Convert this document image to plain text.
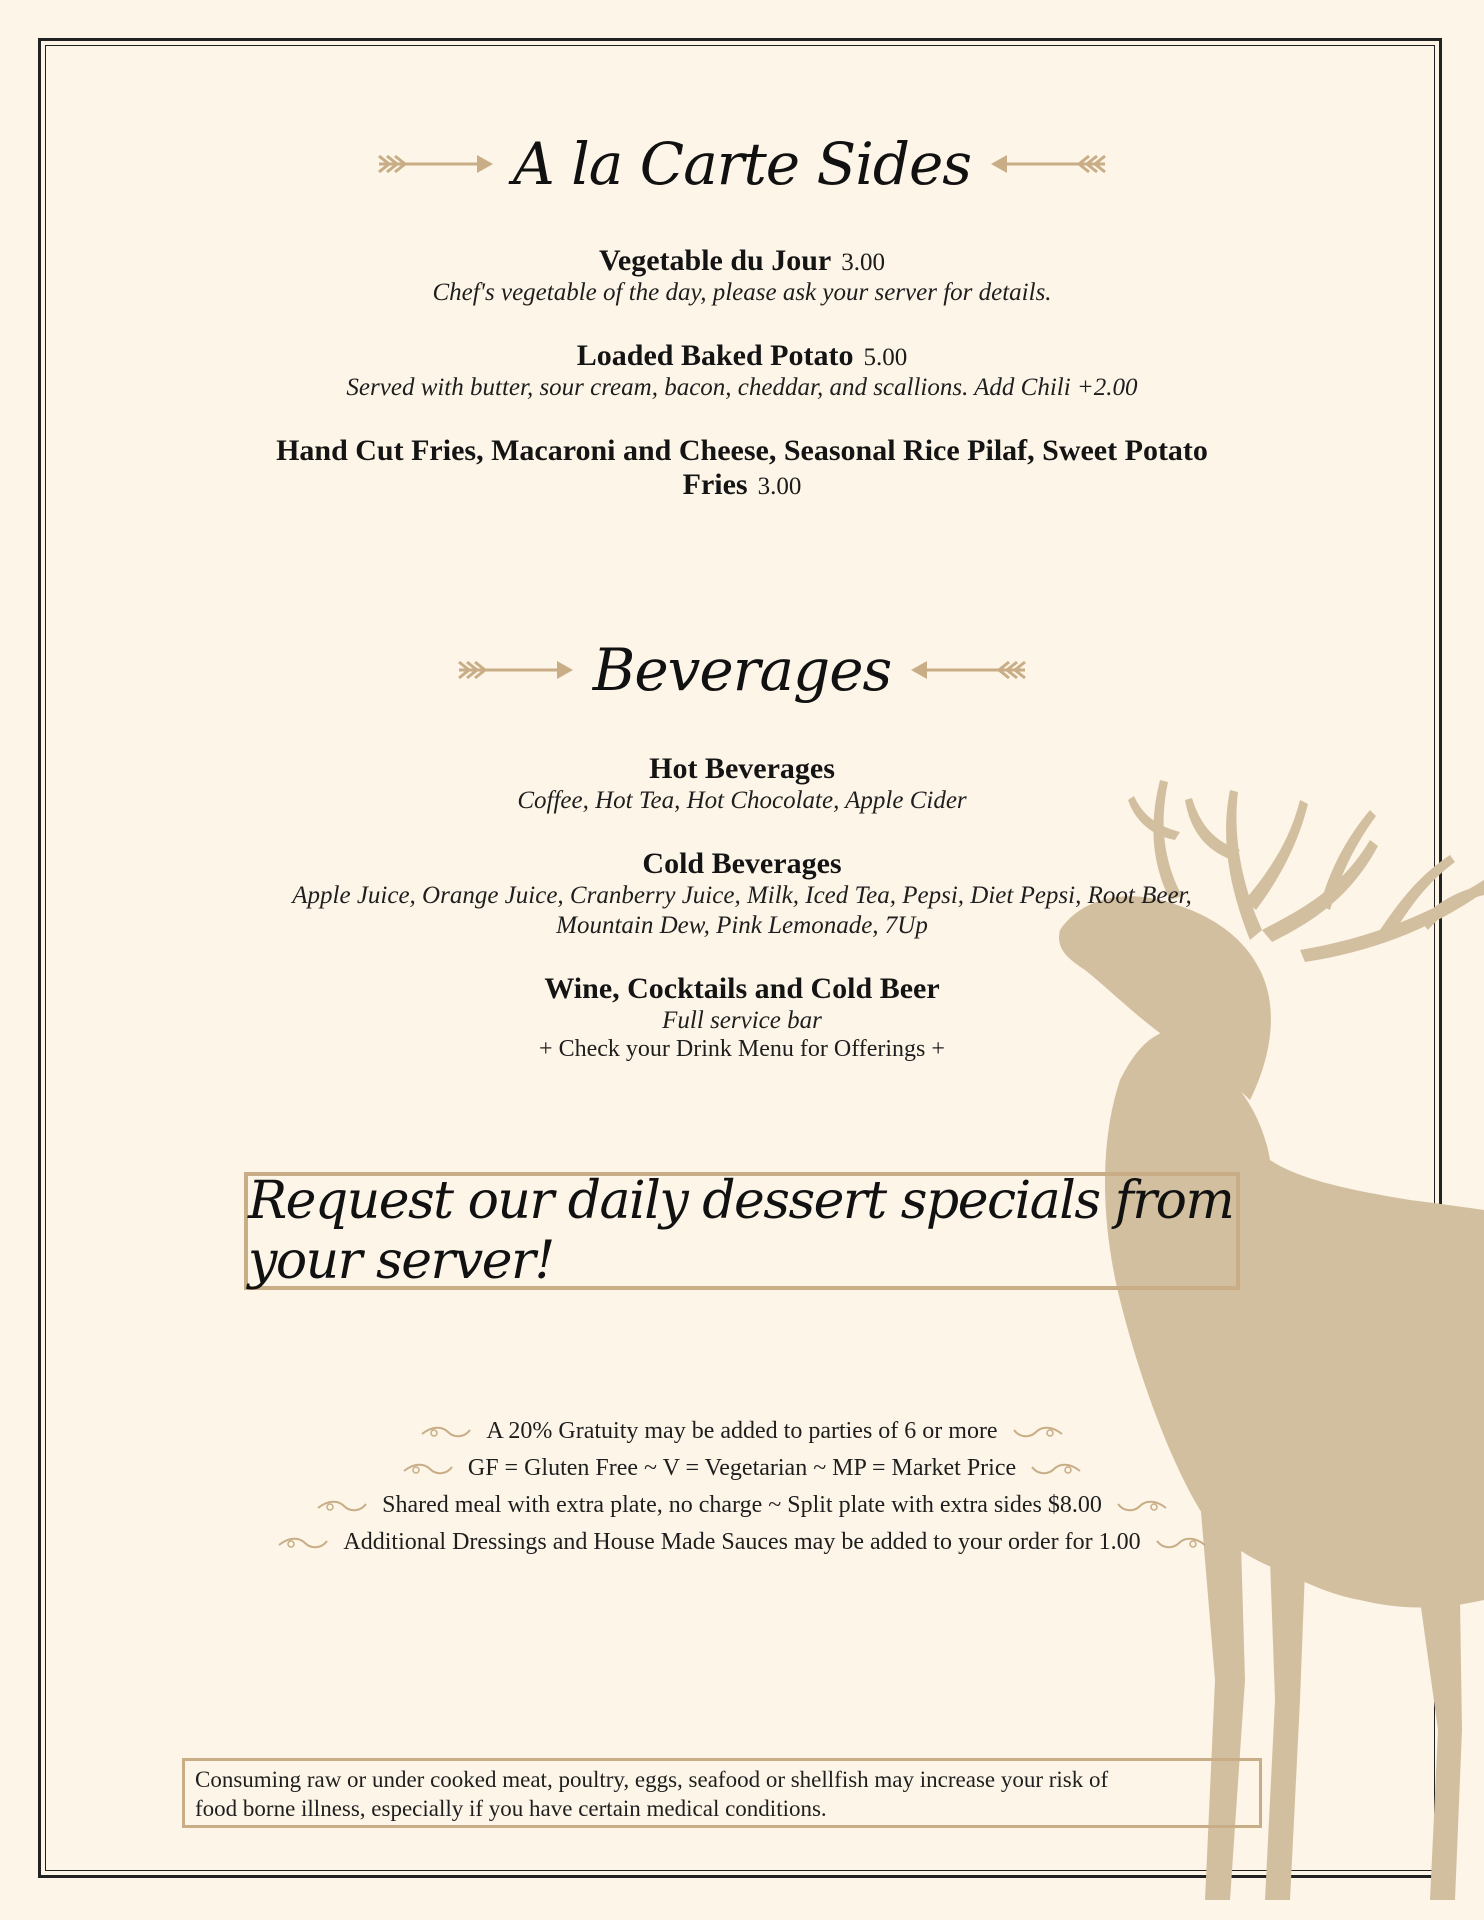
A la Carte Sides
Vegetable du Jour 3.00
Chef's vegetable of the day, please ask your server for details.
Loaded Baked Potato 5.00
Served with butter, sour cream, bacon, cheddar, and scallions. Add Chili +2.00
Hand Cut Fries, Macaroni and Cheese, Seasonal Rice Pilaf, Sweet Potato
Fries 3.00
Beverages
Hot Beverages
Coffee, Hot Tea, Hot Chocolate, Apple Cider
Cold Beverages
Apple Juice, Orange Juice, Cranberry Juice, Milk, Iced Tea, Pepsi, Diet Pepsi, Root Beer,
Mountain Dew, Pink Lemonade, 7Up
Wine, Cocktails and Cold Beer
Full service bar
+ Check your Drink Menu for Offerings +
Request our daily dessert specials from your server!
A 20% Gratuity may be added to parties of 6 or more
GF = Gluten Free ~ V = Vegetarian ~ MP = Market Price
Shared meal with extra plate, no charge ~ Split plate with extra sides $8.00
Additional Dressings and House Made Sauces may be added to your order for 1.00
Consuming raw or under cooked meat, poultry, eggs, seafood or shellfish may increase your risk of
food borne illness, especially if you have certain medical conditions.
